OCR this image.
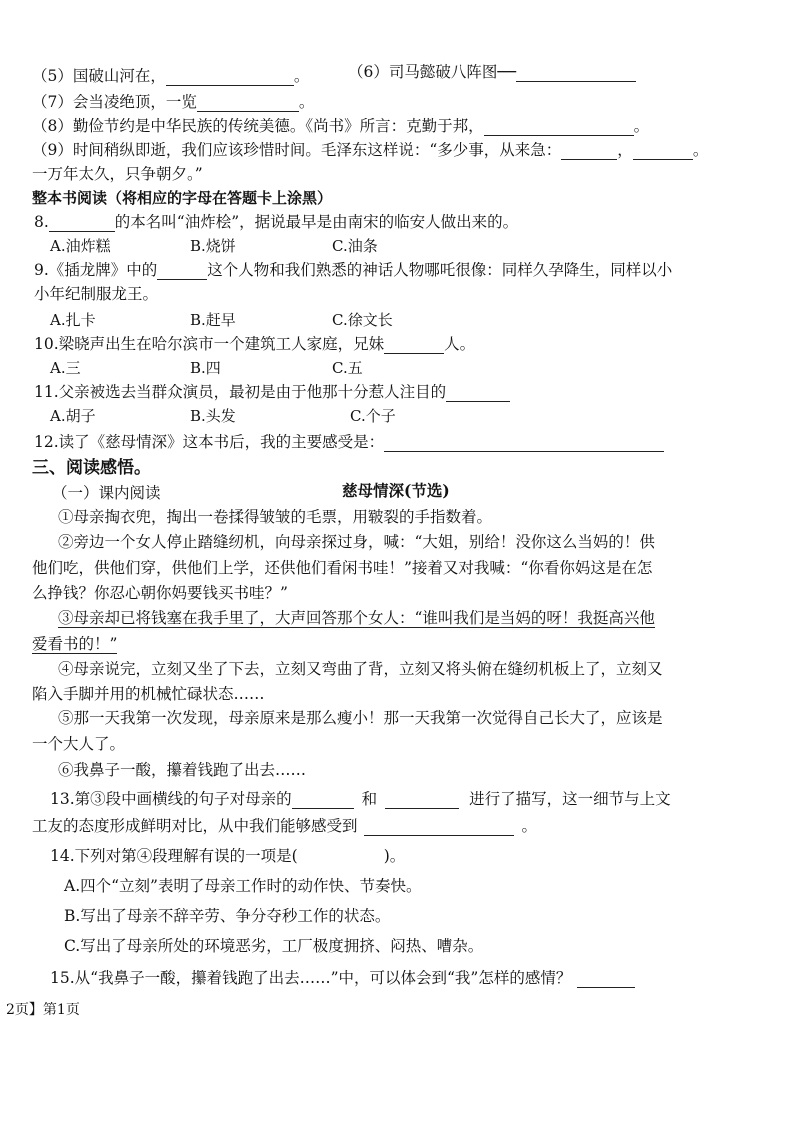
（5）国破山河在，	。 （6）司马懿破八阵图──
（7）会当凌绝顶，一览	。
（8）勤俭节约是中华民族的传统美德。《尚书》所言：克勤于邦，	。
（9）时间稍纵即逝，我们应该珍惜时间。毛泽东这样说：“多少事，从来急：	，	。
一万年太久，只争朝夕。”
整本书阅读（将相应的字母在答题卡上涂黑）
8.	的本名叫“油炸桧”，据说最早是由南宋的临安人做出来的。
A.油炸糕	B.烧饼	C.油条
9.《插龙牌》中的	这个人物和我们熟悉的神话人物哪吒很像：同样久孕降生，同样以小
小年纪制服龙王。
A.扎卡	B.赶早	C.徐文长
10.梁晓声出生在哈尔滨市一个建筑工人家庭，兄妹	人。
A.三	B.四	C.五
11.父亲被选去当群众演员，最初是由于他那十分惹人注目的
A.胡子	B.头发	C.个子
12.读了《慈母情深》这本书后，我的主要感受是：
三、阅读感悟。
（一）课内阅读	慈母情深(节选)
①母亲掏衣兜，掏出一卷揉得皱皱的毛票，用皲裂的手指数着。
②旁边一个女人停止踏缝纫机，向母亲探过身，喊：“大姐，别给！没你这么当妈的！供
他们吃，供他们穿，供他们上学，还供他们看闲书哇！”接着又对我喊：“你看你妈这是在怎
么挣钱？你忍心朝你妈要钱买书哇？”
③母亲却已将钱塞在我手里了，大声回答那个女人：“谁叫我们是当妈的呀！我挺高兴他
爱看书的！”
④母亲说完，立刻又坐了下去，立刻又弯曲了背，立刻又将头俯在缝纫机板上了，立刻又
陷入手脚并用的机械忙碌状态……
⑤那一天我第一次发现，母亲原来是那么瘦小！那一天我第一次觉得自己长大了，应该是
一个大人了。
⑥我鼻子一酸，攥着钱跑了出去……
13.第③段中画横线的句子对母亲的	和	进行了描写，这一细节与上文
工友的态度形成鲜明对比，从中我们能够感受到	。
14.下列对第④段理解有误的一项是(	)。
A.四个“立刻”表明了母亲工作时的动作快、节奏快。
B.写出了母亲不辞辛劳、争分夺秒工作的状态。
C.写出了母亲所处的环境恶劣，工厂极度拥挤、闷热、嘈杂。
15.从“我鼻子一酸，攥着钱跑了出去……”中，可以体会到“我”怎样的感情？
2页】第1页
